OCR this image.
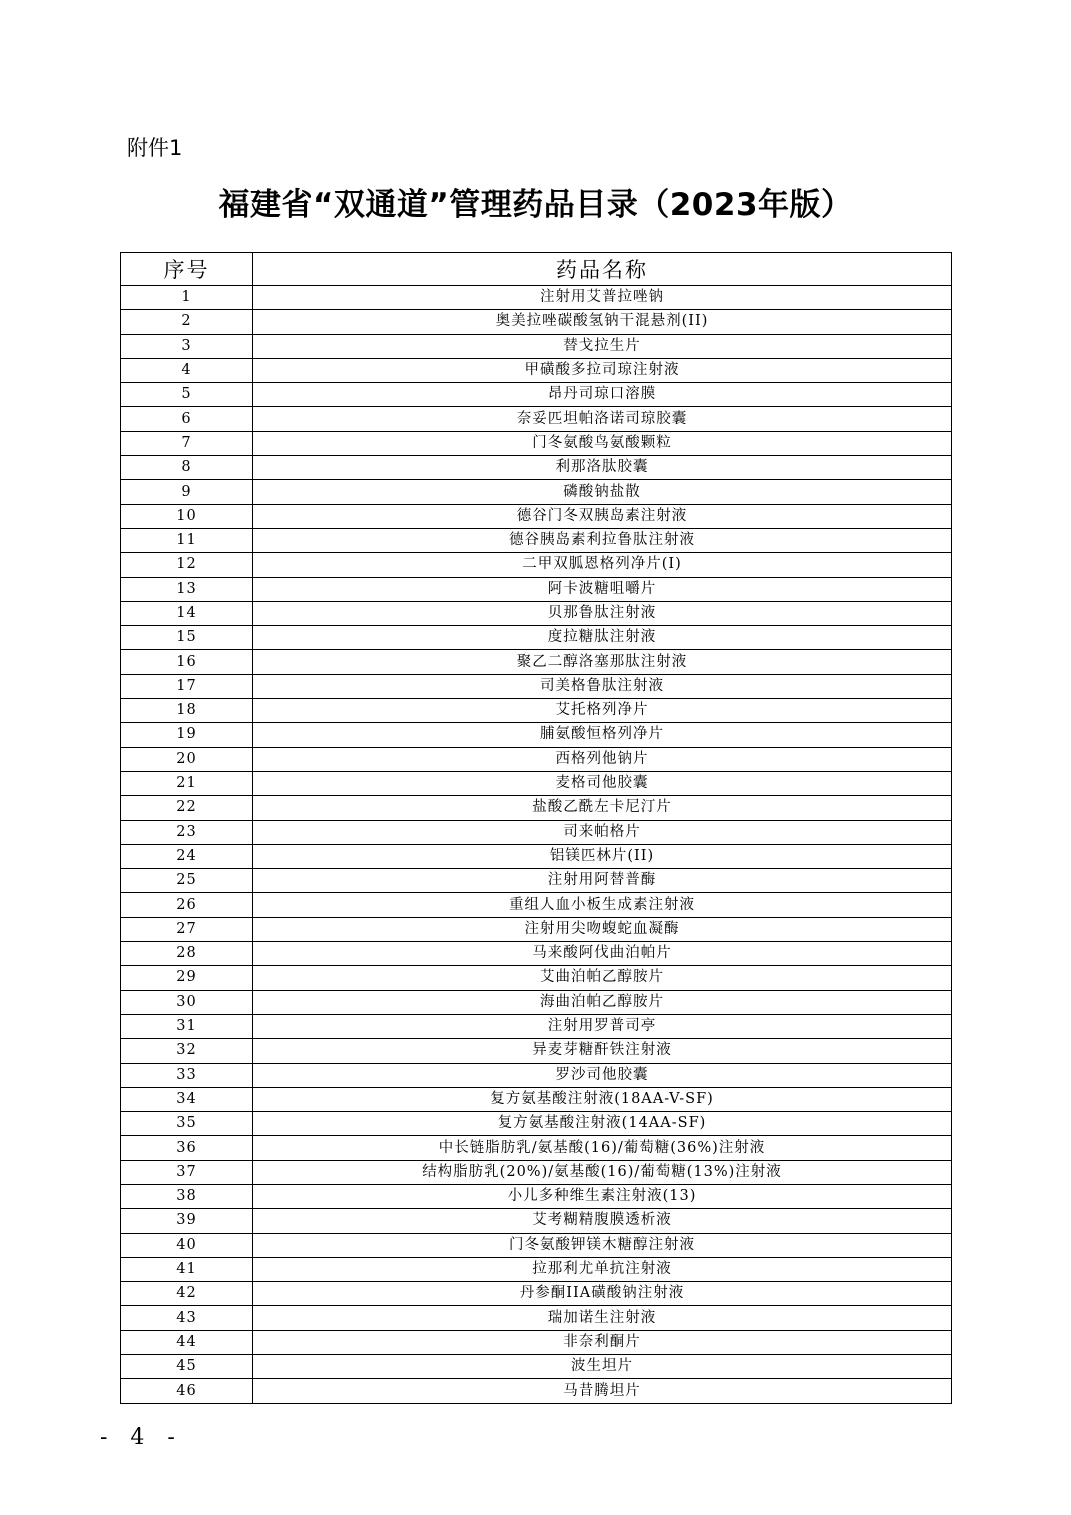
附件1
福建省“双通道”管理药品目录（2023年版）
序号	药品名称
1	注射用艾普拉唑钠
2	奥美拉唑碳酸氢钠干混悬剂(II)
3	替戈拉生片
4	甲磺酸多拉司琼注射液
5	昂丹司琼口溶膜
6	奈妥匹坦帕洛诺司琼胶囊
7	门冬氨酸鸟氨酸颗粒
8	利那洛肽胶囊
9	磷酸钠盐散
10	德谷门冬双胰岛素注射液
11	德谷胰岛素利拉鲁肽注射液
12	二甲双胍恩格列净片(I)
13	阿卡波糖咀嚼片
14	贝那鲁肽注射液
15	度拉糖肽注射液
16	聚乙二醇洛塞那肽注射液
17	司美格鲁肽注射液
18	艾托格列净片
19	脯氨酸恒格列净片
20	西格列他钠片
21	麦格司他胶囊
22	盐酸乙酰左卡尼汀片
23	司来帕格片
24	铝镁匹林片(II)
25	注射用阿替普酶
26	重组人血小板生成素注射液
27	注射用尖吻蝮蛇血凝酶
28	马来酸阿伐曲泊帕片
29	艾曲泊帕乙醇胺片
30	海曲泊帕乙醇胺片
31	注射用罗普司亭
32	异麦芽糖酐铁注射液
33	罗沙司他胶囊
34	复方氨基酸注射液(18AA-V-SF)
35	复方氨基酸注射液(14AA-SF)
36	中长链脂肪乳/氨基酸(16)/葡萄糖(36%)注射液
37	结构脂肪乳(20%)/氨基酸(16)/葡萄糖(13%)注射液
38	小儿多种维生素注射液(13)
39	艾考糊精腹膜透析液
40	门冬氨酸钾镁木糖醇注射液
41	拉那利尤单抗注射液
42	丹参酮IIA磺酸钠注射液
43	瑞加诺生注射液
44	非奈利酮片
45	波生坦片
46	马昔腾坦片
- 4 -
